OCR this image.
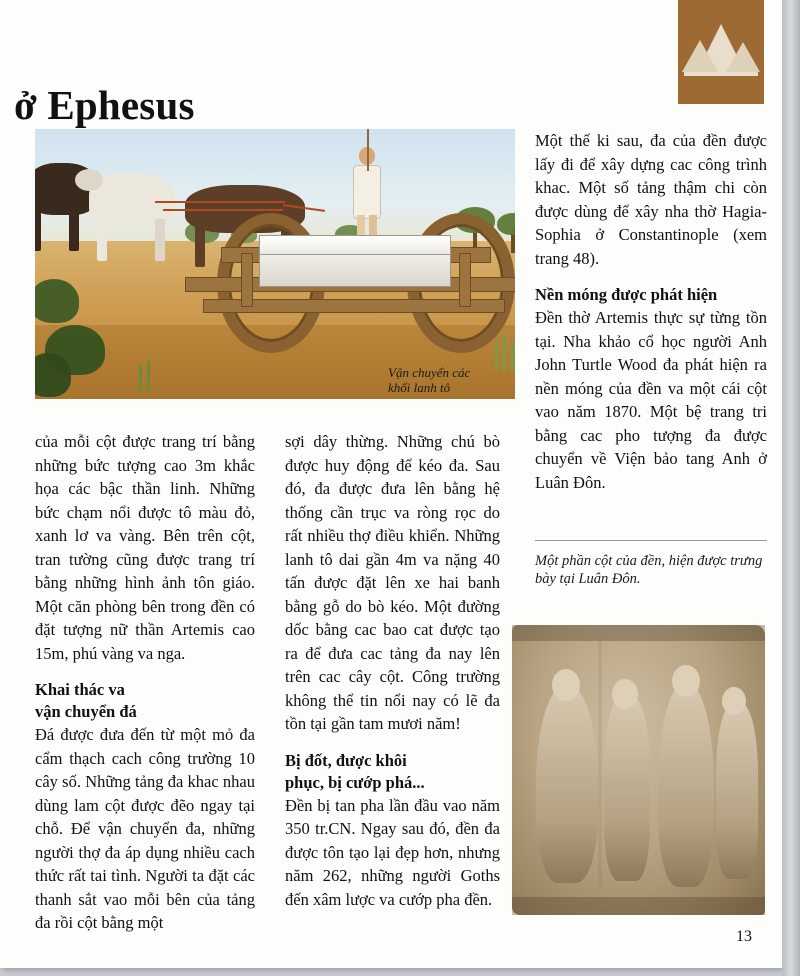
ở Ephesus
Vận chuyển các
khối lanh tô

Một thế ki sau, đa của đền được lấy đi để xây dựng cac công trình khac. Một số tảng thậm chi còn được dùng để xây nha thờ Hagia-Sophia ở Constantinople (xem trang 48).

Nền móng được phát hiện

Đền thờ Artemis thực sự từng tồn tại. Nha khảo cổ học người Anh John Turtle Wood đa phát hiện ra nền móng của đền va một cái cột vao năm 1870. Một bệ trang tri bằng cac pho tượng đa được chuyển về Viện bảo tang Anh ở Luân Đôn.

Một phần cột của đền, hiện được trưng bày tại Luân Đôn.

của mỗi cột được trang trí bằng những bức tượng cao 3m khắc họa các bậc thần linh. Những bức chạm nổi được tô màu đỏ, xanh lơ va vàng. Bên trên cột, tran tường cũng được trang trí bằng những hình ảnh tôn giáo. Một căn phòng bên trong đền có đặt tượng nữ thần Artemis cao 15m, phú vàng va nga.

Khai thác va
vận chuyển đá

Đá được đưa đến từ một mỏ đa cẩm thạch cach công trường 10 cây số. Những tảng đa khac nhau dùng lam cột được đẽo ngay tại chỗ. Để vận chuyển đa, những người thợ đa áp dụng nhiều cach thức rất tai tình. Người ta đặt các thanh sắt vao mỗi bên của tảng đa rồi cột bằng một

sợi dây thừng. Những chú bò được huy động để kéo đa. Sau đó, đa được đưa lên bằng hệ thống cần trục va ròng rọc do rất nhiều thợ điều khiển. Những lanh tô dai gần 4m va nặng 40 tấn được đặt lên xe hai banh bằng gỗ do bò kéo. Một đường dốc bằng cac bao cat được tạo ra để đưa cac tảng đa nay lên trên cac cây cột. Công trường không thể tin nổi nay có lẽ đa tồn tại gần tam mươi năm!

Bị đốt, được khôi
phục, bị cướp phá...

Đền bị tan pha lần đầu vao năm 350 tr.CN. Ngay sau đó, đền đa được tôn tạo lại đẹp hơn, nhưng năm 262, những người Goths đến xâm lược va cướp pha đền.

13
